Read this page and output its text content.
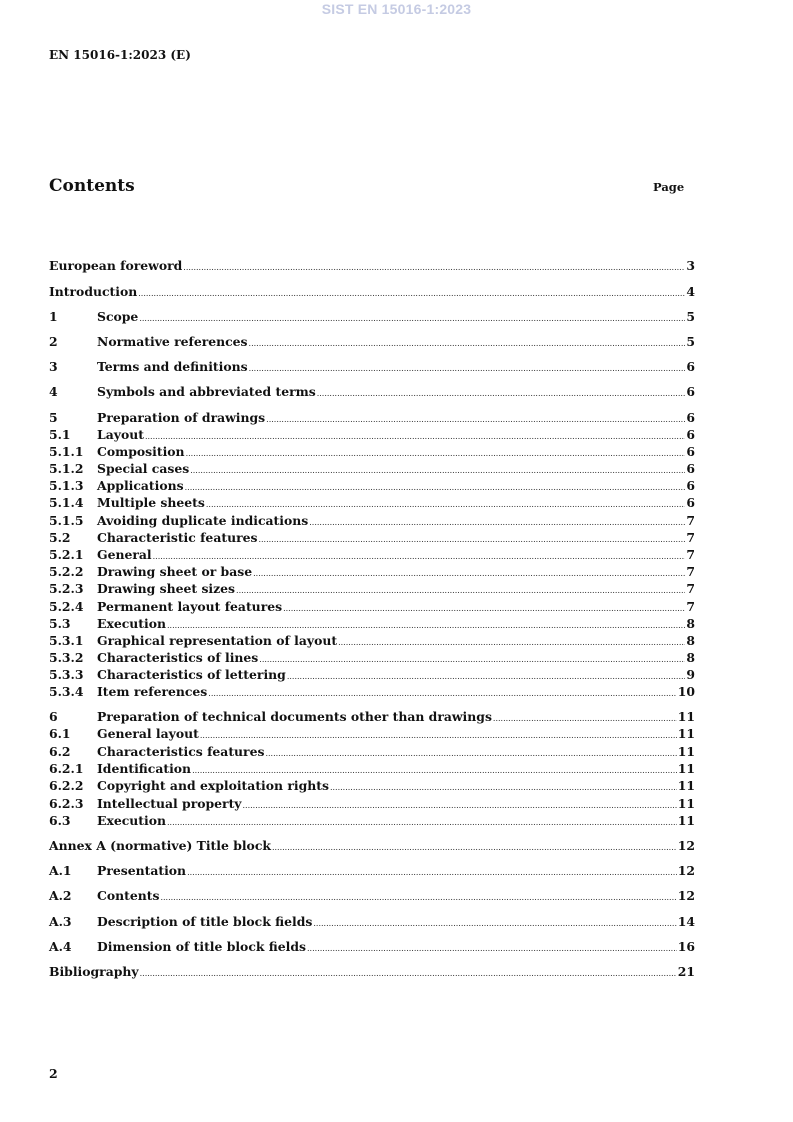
SIST EN 15016-1:2023
EN 15016-1:2023 (E)
Contents	Page
European foreword .....	3
Introduction .....	4
1	Scope .....	5
2	Normative references .....	5
3	Terms and definitions .....	6
4	Symbols and abbreviated terms .....	6
5	Preparation of drawings .....	6
5.1	Layout .....	6
5.1.1	Composition .....	6
5.1.2	Special cases .....	6
5.1.3	Applications .....	6
5.1.4	Multiple sheets .....	6
5.1.5	Avoiding duplicate indications .....	7
5.2	Characteristic features .....	7
5.2.1	General .....	7
5.2.2	Drawing sheet or base .....	7
5.2.3	Drawing sheet sizes .....	7
5.2.4	Permanent layout features .....	7
5.3	Execution .....	8
5.3.1	Graphical representation of layout .....	8
5.3.2	Characteristics of lines .....	8
5.3.3	Characteristics of lettering .....	9
5.3.4	Item references .....	10
6	Preparation of technical documents other than drawings .....	11
6.1	General layout .....	11
6.2	Characteristics features .....	11
6.2.1	Identification .....	11
6.2.2	Copyright and exploitation rights .....	11
6.2.3	Intellectual property .....	11
6.3	Execution .....	11
Annex A (normative) Title block .....	12
A.1	Presentation .....	12
A.2	Contents .....	12
A.3	Description of title block fields .....	14
A.4	Dimension of title block fields .....	16
Bibliography .....	21
2
